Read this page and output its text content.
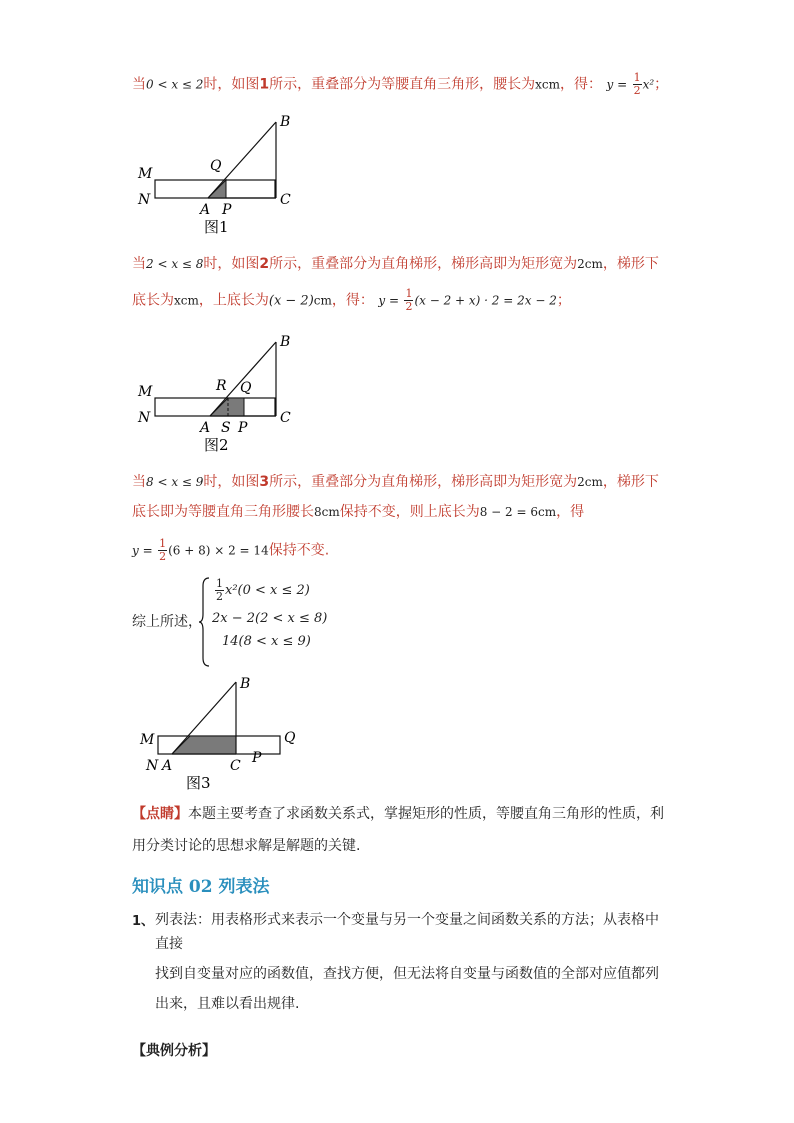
当0 < x ≤ 2时，如图1所示，重叠部分为等腰直角三角形，腰长为xcm，得： $y = \frac{1}{2} x^2$；
B
M
N
Q
C
A P
图1
当2 < x ≤ 8时，如图2所示，重叠部分为直角梯形，梯形高即为矩形宽为2cm，梯形下
底长为xcm，上底长为(x − 2)cm，得： $y = \frac{1}{2} (x - 2 + x) \cdot 2 = 2x - 2$；
B
M
N
R Q
C
A S P
图2
当8 < x ≤ 9时，如图3所示，重叠部分为直角梯形，梯形高即为矩形宽为2cm，梯形下
底长即为等腰直角三角形腰长8cm保持不变，则上底长为8 − 2 = 6cm，得
$y = \frac{1}{2} (6 + 8) \times 2 = 14$保持不变.
综上所述，
$\frac{1}{2} x^2(0 < x \le 2)$
2x − 2(2 < x ≤ 8)
14(8 < x ≤ 9)
B
M	Q
N A	C P
图3
【点睛】本题主要考查了求函数关系式，掌握矩形的性质，等腰直角三角形的性质，利
用分类讨论的思想求解是解题的关键.
知识点 02 列表法
1、 列表法：用表格形式来表示一个变量与另一个变量之间函数关系的方法；从表格中
直接
找到自变量对应的函数值，查找方便，但无法将自变量与函数值的全部对应值都列
出来，且难以看出规律.
【典例分析】
